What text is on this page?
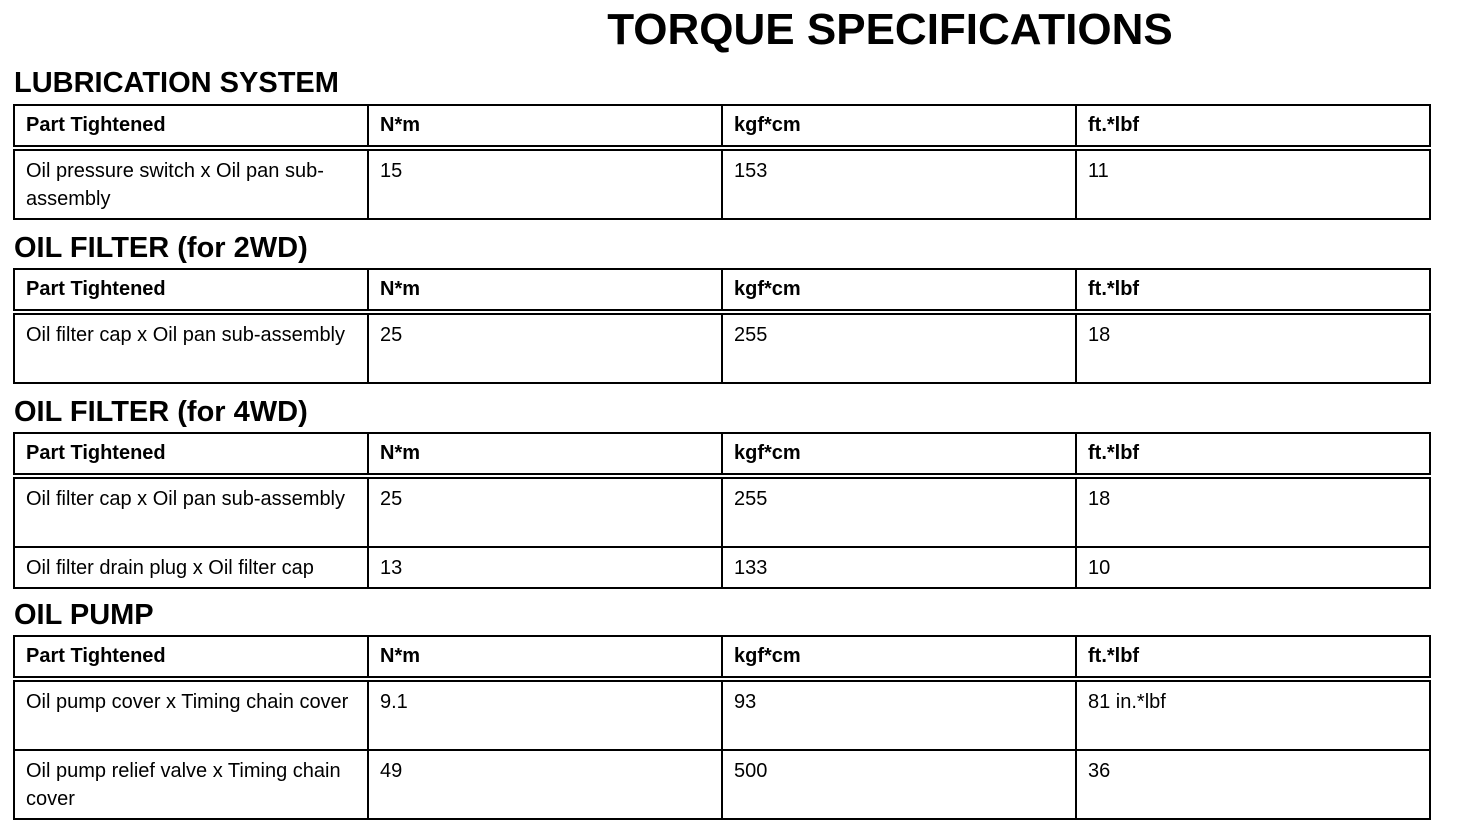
TORQUE SPECIFICATIONS
LUBRICATION SYSTEM
Part Tightened	N*m	kgf*cm	ft.*lbf
Oil pressure switch x Oil pan sub-assembly	15	153	11
OIL FILTER (for 2WD)
Part Tightened	N*m	kgf*cm	ft.*lbf
Oil filter cap x Oil pan sub-assembly	25	255	18
OIL FILTER (for 4WD)
Part Tightened	N*m	kgf*cm	ft.*lbf
Oil filter cap x Oil pan sub-assembly	25	255	18
Oil filter drain plug x Oil filter cap	13	133	10
OIL PUMP
Part Tightened	N*m	kgf*cm	ft.*lbf
Oil pump cover x Timing chain cover	9.1	93	81 in.*lbf
Oil pump relief valve x Timing chain cover	49	500	36
